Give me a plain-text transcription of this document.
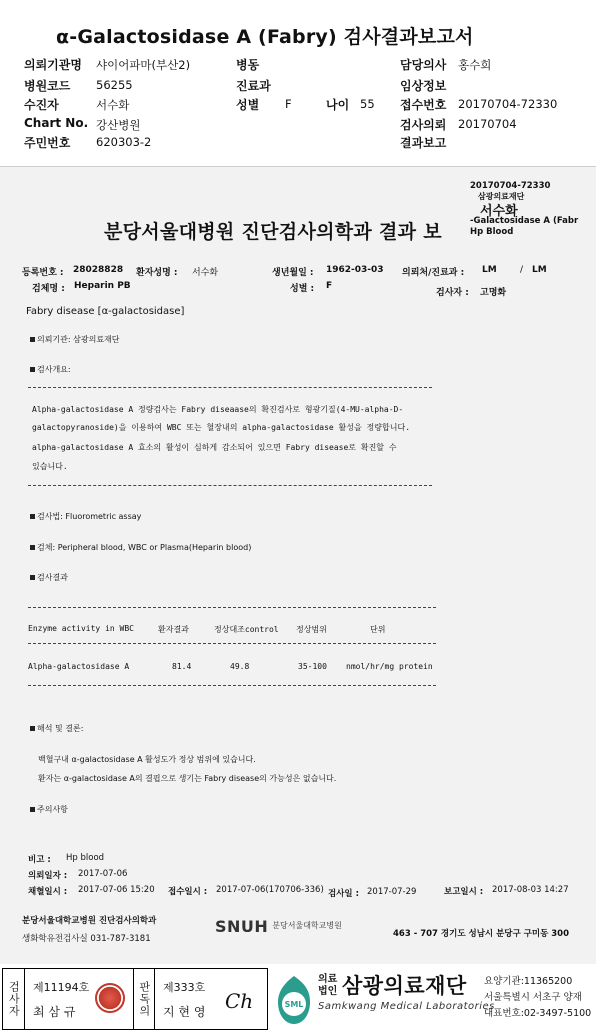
α-Galactosidase A (Fabry) 검사결과보고서
의뢰기관명 샤이어파마(부산2)	병동	담당의사 홍수희
병원코드 56255	진료과	임상정보
수진자	서수화	성별 F	나이 55 접수번호 20170704-72330
Chart No. 강산병원	검사의뢰 20170704
주민번호 620303-2	결과보고
20170704-72330
삼광의료재단
서수화
-Galactosidase A (Fabr
Hp Blood
분당서울대병원 진단검사의학과 결과 보
등록번호 : 28028828 환자성명 : 서수화	생년월일 : 1962-03-03 의뢰처/진료과 : LM	/ LM
검체명 : Heparin PB	성별 : F
검사자 : 고명화
Fabry disease [α-galactosidase]
의뢰기관: 삼광의료재단
검사개요:
Alpha-galactosidase A 정량검사는 Fabry diseaase의 확진검사로 형광기질(4-MU-alpha-D-
galactopyranoside)을 이용하여 WBC 또는 혈장내의 alpha-galactosidase 활성을 정량합니다.
alpha-galactosidase A 효소의 활성이 심하게 감소되어 있으면 Fabry disease로 확진할 수
있습니다.
검사법: Fluorometric assay
검체: Peripheral blood, WBC or Plasma(Heparin blood)
검사결과
Enzyme activity in WBC	환자결과	정상대조control 정상범위	단위
Alpha-galactosidase A	81.4	49.8	35-100 nmol/hr/mg protein
해석 및 결론:
백혈구내 α-galactosidase A 활성도가 정상 범위에 있습니다.
환자는 α-galactosidase A의 결핍으로 생기는 Fabry disease의 가능성은 없습니다.
주의사항
비고 : Hp blood
의뢰일자 : 2017-07-06
채혈일시 : 2017-07-06 15:20 접수일시 : 2017-07-06(170706-336) 검사일 : 2017-07-29	보고일시 : 2017-08-03 14:27
분당서울대학교병원 진단검사의학과
생화학유전검사실 031-787-3181
SNUH 분당서울대학교병원
463 - 707 경기도 성남시 분당구 구미동 300
검사자 제11194호
최 삼 규	판독의 제333호
지 현 영 Ch	SML
의료
법인 삼광의료재단
Samkwang Medical Laboratories
요양기관:11365200
서울특별시 서초구 양재
대표번호:02-3497-5100
